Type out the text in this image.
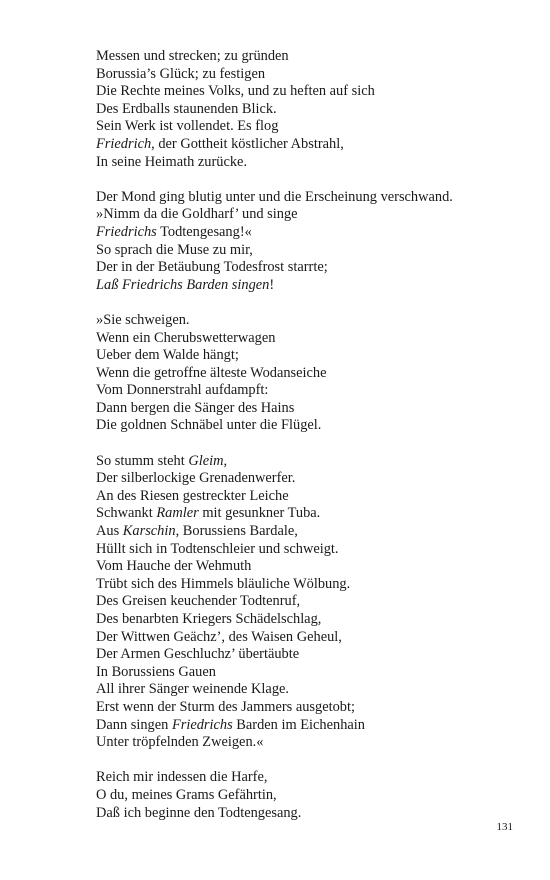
Messen und strecken; zu gründen
Borussia’s Glück; zu festigen
Die Rechte meines Volks, und zu heften auf sich
Des Erdballs staunenden Blick.
Sein Werk ist vollendet. Es flog
Friedrich, der Gottheit köstlicher Abstrahl,
In seine Heimath zurücke.
Der Mond ging blutig unter und die Erscheinung verschwand.
»Nimm da die Goldharf’ und singe
Friedrichs Todtengesang!«
So sprach die Muse zu mir,
Der in der Betäubung Todesfrost starrte;
Laß Friedrichs Barden singen!
»Sie schweigen.
Wenn ein Cherubswetterwagen
Ueber dem Walde hängt;
Wenn die getroffne älteste Wodanseiche
Vom Donnerstrahl aufdampft:
Dann bergen die Sänger des Hains
Die goldnen Schnäbel unter die Flügel.
So stumm steht Gleim,
Der silberlockige Grenadenwerfer.
An des Riesen gestreckter Leiche
Schwankt Ramler mit gesunkner Tuba.
Aus Karschin, Borussiens Bardale,
Hüllt sich in Todtenschleier und schweigt.
Vom Hauche der Wehmuth
Trübt sich des Himmels bläuliche Wölbung.
Des Greisen keuchender Todtenruf,
Des benarbten Kriegers Schädelschlag,
Der Wittwen Geächz’, des Waisen Geheul,
Der Armen Geschluchz’ übertäubte
In Borussiens Gauen
All ihrer Sänger weinende Klage.
Erst wenn der Sturm des Jammers ausgetobt;
Dann singen Friedrichs Barden im Eichenhain
Unter tröpfelnden Zweigen.«
Reich mir indessen die Harfe,
O du, meines Grams Gefährtin,
Daß ich beginne den Todtengesang.
131
